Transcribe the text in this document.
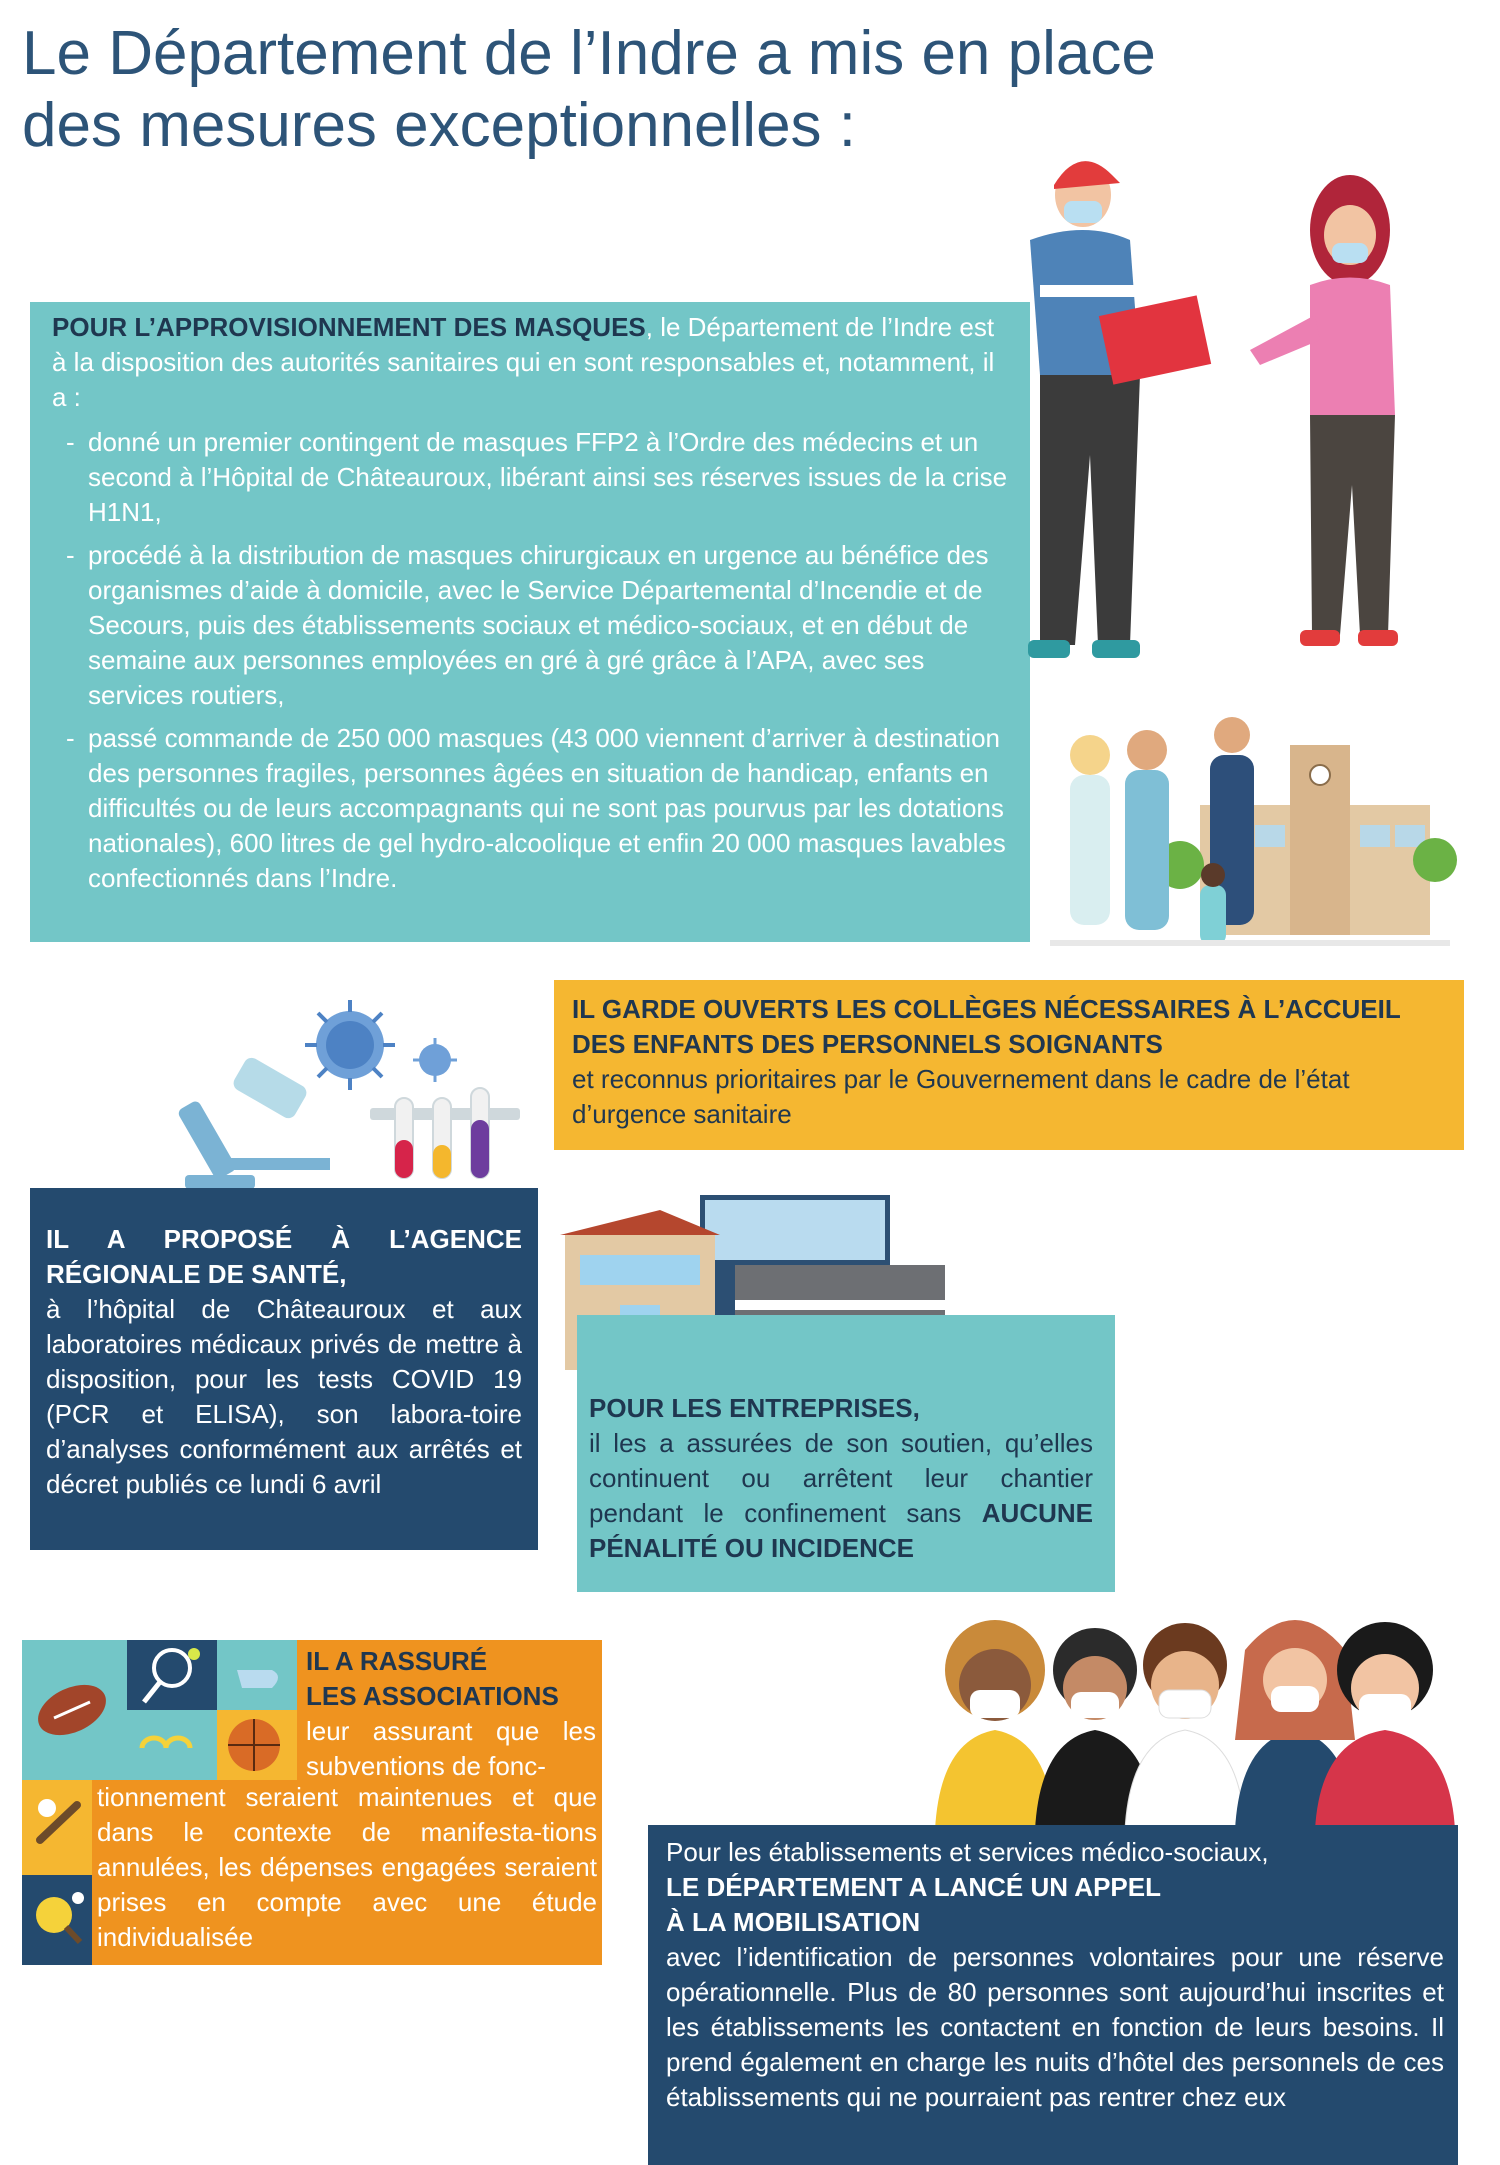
Le Département de l’Indre a mis en place
des mesures exceptionnelles :

POUR L’APPROVISIONNEMENT DES MASQUES, le Département de l’Indre est à la disposition des autorités sanitaires qui en sont responsables et, notamment, il a :

- donné un premier contingent de masques FFP2 à l’Ordre des médecins et un second à l’Hôpital de Châteauroux, libérant ainsi ses réserves issues de la crise H1N1,
- procédé à la distribution de masques chirurgicaux en urgence au bénéfice des organismes d’aide à domicile, avec le Service Départemental d’Incendie et de Secours, puis des établissements sociaux et médico-sociaux, et en début de semaine aux personnes employées en gré à gré grâce à l’APA, avec ses services routiers,
- passé commande de 250 000 masques (43 000 viennent d’arriver à destination des personnes fragiles, personnes âgées en situation de handicap, enfants en difficultés ou de leurs accompagnants qui ne sont pas pourvus par les dotations nationales), 600 litres de gel hydro-alcoolique et enfin 20 000 masques lavables confectionnés dans l’Indre.
IL GARDE OUVERTS LES COLLÈGES NÉCESSAIRES À L’ACCUEIL DES ENFANTS DES PERSONNELS SOIGNANTS
et reconnus prioritaires par le Gouvernement dans le cadre de l’état d’urgence sanitaire
IL A PROPOSÉ À L’AGENCE RÉGIONALE DE SANTÉ,
à l’hôpital de Châteauroux et aux laboratoires médicaux privés de mettre à disposition, pour les tests COVID 19 (PCR et ELISA), son labora-toire d’analyses conformément aux arrêtés et décret publiés ce lundi 6 avril
POUR LES ENTREPRISES,
il les a assurées de son soutien, qu’elles continuent ou arrêtent leur chantier pendant le confinement sans AUCUNE PÉNALITÉ OU INCIDENCE
IL A RASSURÉ
LES ASSOCIATIONS
leur assurant que les subventions de fonc-
tionnement seraient maintenues et que dans le contexte de manifesta-tions annulées, les dépenses engagées seraient prises en compte avec une étude individualisée
Pour les établissements et services médico-sociaux,
LE DÉPARTEMENT A LANCÉ UN APPEL
À LA MOBILISATION
avec l’identification de personnes volontaires pour une réserve opérationnelle. Plus de 80 personnes sont aujourd’hui inscrites et les établissements les contactent en fonction de leurs besoins. Il prend également en charge les nuits d’hôtel des personnels de ces établissements qui ne pourraient pas rentrer chez eux
